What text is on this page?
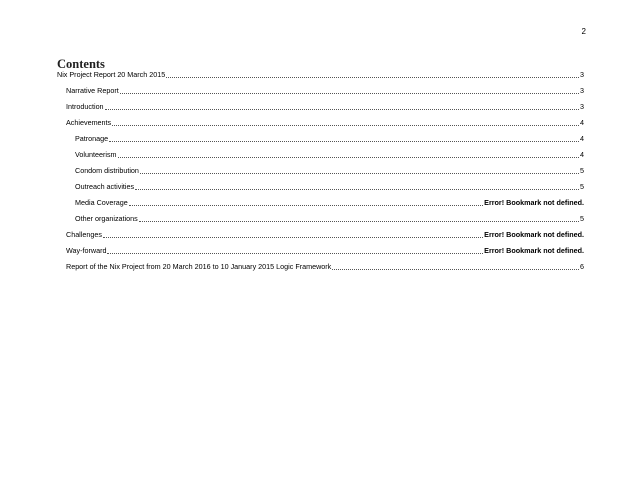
2
Contents
Nix Project Report 20 March 2015	3
Narrative Report	3
Introduction	3
Achievements	4
Patronage	4
Volunteerism	4
Condom distribution	5
Outreach activities	5
Media Coverage	Error! Bookmark not defined.
Other organizations	5
Challenges	Error! Bookmark not defined.
Way-forward	Error! Bookmark not defined.
Report of the Nix Project from 20 March 2016 to 10 January 2015 Logic Framework	6
